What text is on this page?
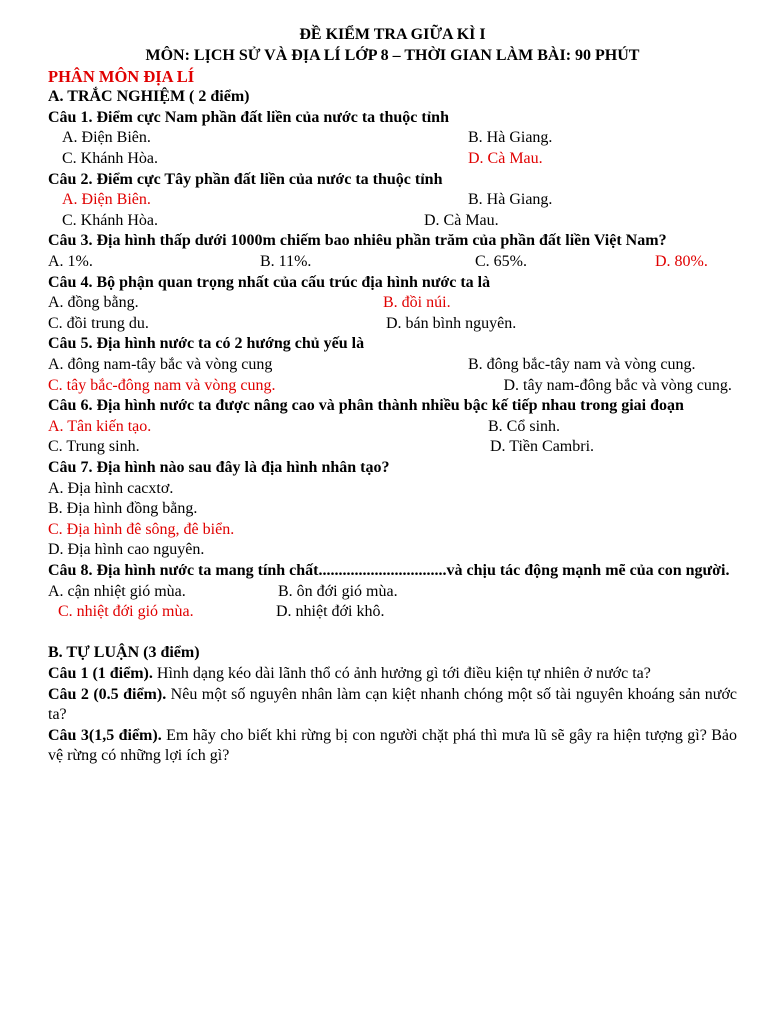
ĐỀ KIỂM TRA GIỮA KÌ I

MÔN: LỊCH SỬ VÀ ĐỊA LÍ LỚP 8 – THỜI GIAN LÀM BÀI: 90 PHÚT

PHÂN MÔN ĐỊA LÍ

A. TRẮC NGHIỆM ( 2 điểm)

Câu 1. Điểm cực Nam phần đất liền của nước ta thuộc tỉnh

A. Điện Biên.	B. Hà Giang.
C. Khánh Hòa.	D. Cà Mau.

Câu 2. Điểm cực Tây phần đất liền của nước ta thuộc tỉnh

A. Điện Biên.	B. Hà Giang.
C. Khánh Hòa.	D. Cà Mau.

Câu 3. Địa hình thấp dưới 1000m chiếm bao nhiêu phần trăm của phần đất liền Việt Nam?

A. 1%.	B. 11%.	C. 65%.	D. 80%.

Câu 4. Bộ phận quan trọng nhất của cấu trúc địa hình nước ta là

A. đồng bằng.	B. đồi núi.
C. đồi trung du.	D. bán bình nguyên.

Câu 5. Địa hình nước ta có 2 hướng chủ yếu là

A. đông nam-tây bắc và vòng cung	B. đông bắc-tây nam và vòng cung.

C. tây bắc-đông nam và vòng cung.	D. tây nam-đông bắc và vòng cung.

Câu 6. Địa hình nước ta được nâng cao và phân thành nhiều bậc kế tiếp nhau trong giai đoạn

A. Tân kiến tạo.	B. Cổ sinh.
C. Trung sinh.	D. Tiền Cambri.

Câu 7. Địa hình nào sau đây là địa hình nhân tạo?

A. Địa hình cacxtơ.

B. Địa hình đồng bằng.

C. Địa hình đê sông, đê biển.

D. Địa hình cao nguyên.

Câu 8. Địa hình nước ta mang tính chất................................và chịu tác động mạnh mẽ của con người.

A. cận nhiệt gió mùa.	B. ôn đới gió mùa.
C. nhiệt đới gió mùa.	D. nhiệt đới khô.

B. TỰ LUẬN (3 điểm)

Câu 1 (1 điểm). Hình dạng kéo dài lãnh thổ có ảnh hưởng gì tới điều kiện tự nhiên ở nước ta?

Câu 2 (0.5 điểm). Nêu một số nguyên nhân làm cạn kiệt nhanh chóng một số tài nguyên khoáng sản nước ta?

Câu 3(1,5 điểm). Em hãy cho biết khi rừng bị con người chặt phá thì mưa lũ sẽ gây ra hiện tượng gì? Bảo vệ rừng có những lợi ích gì?
